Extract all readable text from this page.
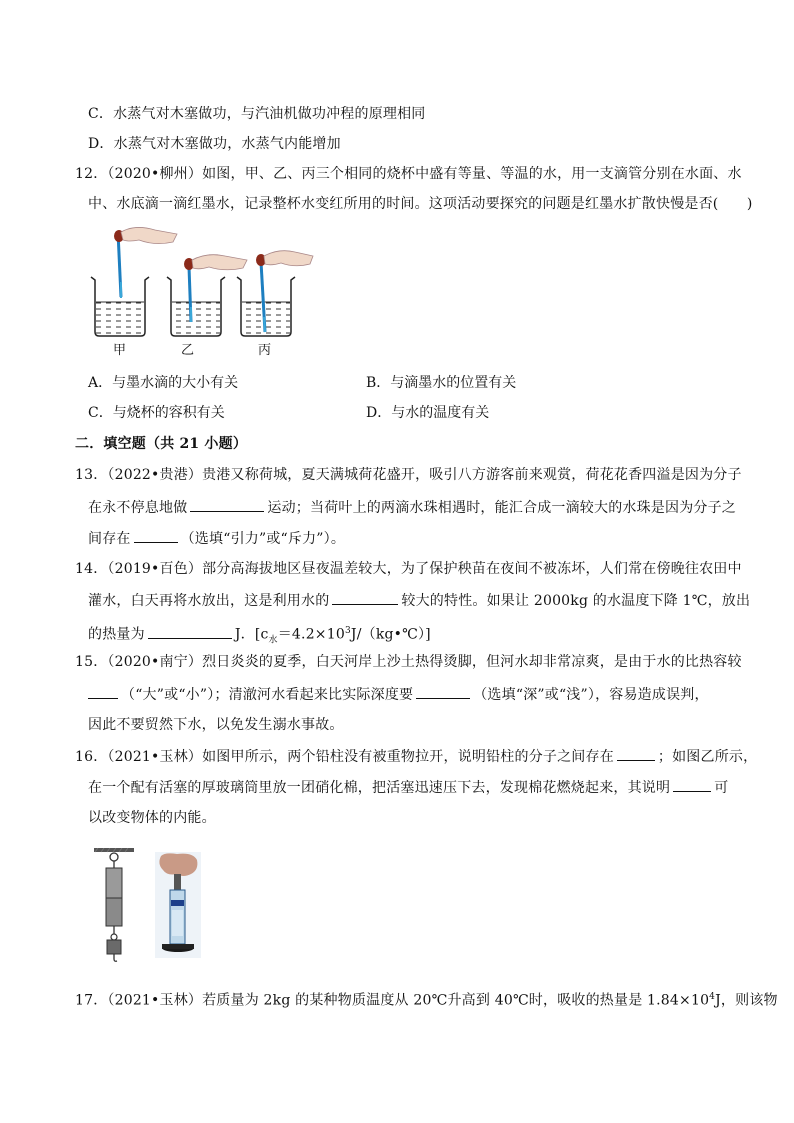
C．水蒸气对木塞做功，与汽油机做功冲程的原理相同
D．水蒸气对木塞做功，水蒸气内能增加
12．（2020•柳州）如图，甲、乙、丙三个相同的烧杯中盛有等量、等温的水，用一支滴管分别在水面、水
中、水底滴一滴红墨水，记录整杯水变红所用的时间。这项活动要探究的问题是红墨水扩散快慢是否(　　)
甲	乙	丙
A．与墨水滴的大小有关	B．与滴墨水的位置有关
C．与烧杯的容积有关	D．与水的温度有关
二．填空题（共 21 小题）
13．（2022•贵港）贵港又称荷城，夏天满城荷花盛开，吸引八方游客前来观赏，荷花花香四溢是因为分子
在永不停息地做	运动；当荷叶上的两滴水珠相遇时，能汇合成一滴较大的水珠是因为分子之
间存在	（选填“引力”或“斥力”）。
14．（2019•百色）部分高海拔地区昼夜温差较大，为了保护秧苗在夜间不被冻坏，人们常在傍晚往农田中
灌水，白天再将水放出，这是利用水的	较大的特性。如果让 2000kg 的水温度下降 1℃，放出
的热量为	J．$[c_水=4.2\times 10^3J/(kg•℃)]$
15．（2020•南宁）烈日炎炎的夏季，白天河岸上沙土热得烫脚，但河水却非常凉爽，是由于水的比热容较
（“大”或“小”）；清澈河水看起来比实际深度要	（选填“深”或“浅”），容易造成误判，
因此不要贸然下水，以免发生溺水事故。
16．（2021•玉林）如图甲所示，两个铅柱没有被重物拉开，说明铅柱的分子之间存在	；如图乙所示，
在一个配有活塞的厚玻璃筒里放一团硝化棉，把活塞迅速压下去，发现棉花燃烧起来，其说明	可
以改变物体的内能。
17．（2021•玉林）若质量为 2kg 的某种物质温度从 20℃升高到 40℃时，吸收的热量是 $1.84\times 10^4J$，则该物
